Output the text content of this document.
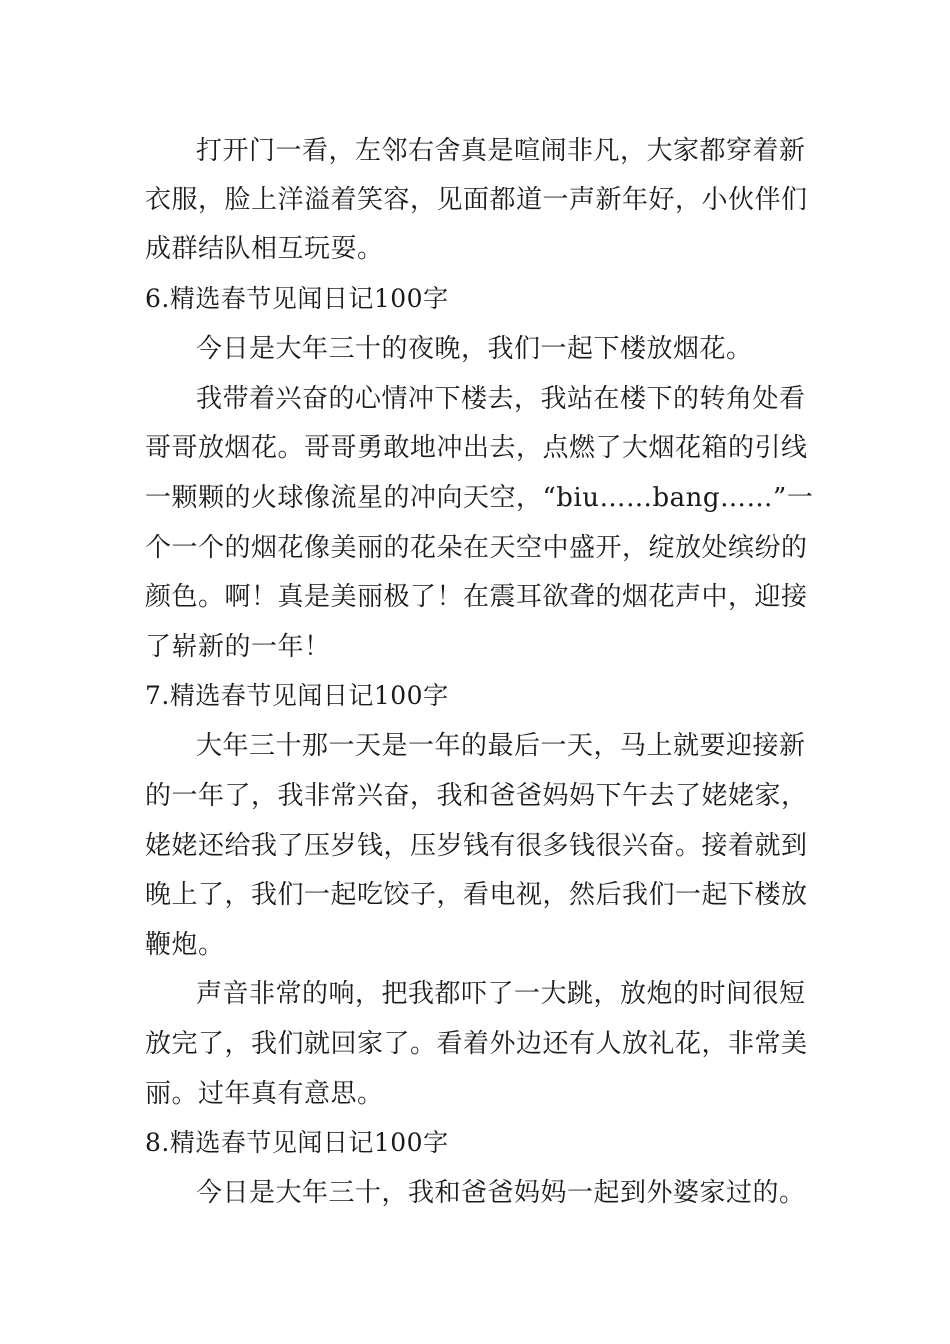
打开门一看，左邻右舍真是喧闹非凡，大家都穿着新
衣服，脸上洋溢着笑容，见面都道一声新年好，小伙伴们
成群结队相互玩耍。
6.精选春节见闻日记100字
今日是大年三十的夜晚，我们一起下楼放烟花。
我带着兴奋的心情冲下楼去，我站在楼下的转角处看
哥哥放烟花。哥哥勇敢地冲出去，点燃了大烟花箱的引线
一颗颗的火球像流星的冲向天空，“biu……bang……”一
个一个的烟花像美丽的花朵在天空中盛开，绽放处缤纷的
颜色。啊！真是美丽极了！在震耳欲聋的烟花声中，迎接
了崭新的一年！
7.精选春节见闻日记100字
大年三十那一天是一年的最后一天，马上就要迎接新
的一年了，我非常兴奋，我和爸爸妈妈下午去了姥姥家，
姥姥还给我了压岁钱，压岁钱有很多钱很兴奋。接着就到
晚上了，我们一起吃饺子，看电视，然后我们一起下楼放
鞭炮。
声音非常的响，把我都吓了一大跳，放炮的时间很短
放完了，我们就回家了。看着外边还有人放礼花，非常美
丽。过年真有意思。
8.精选春节见闻日记100字
今日是大年三十，我和爸爸妈妈一起到外婆家过的。
